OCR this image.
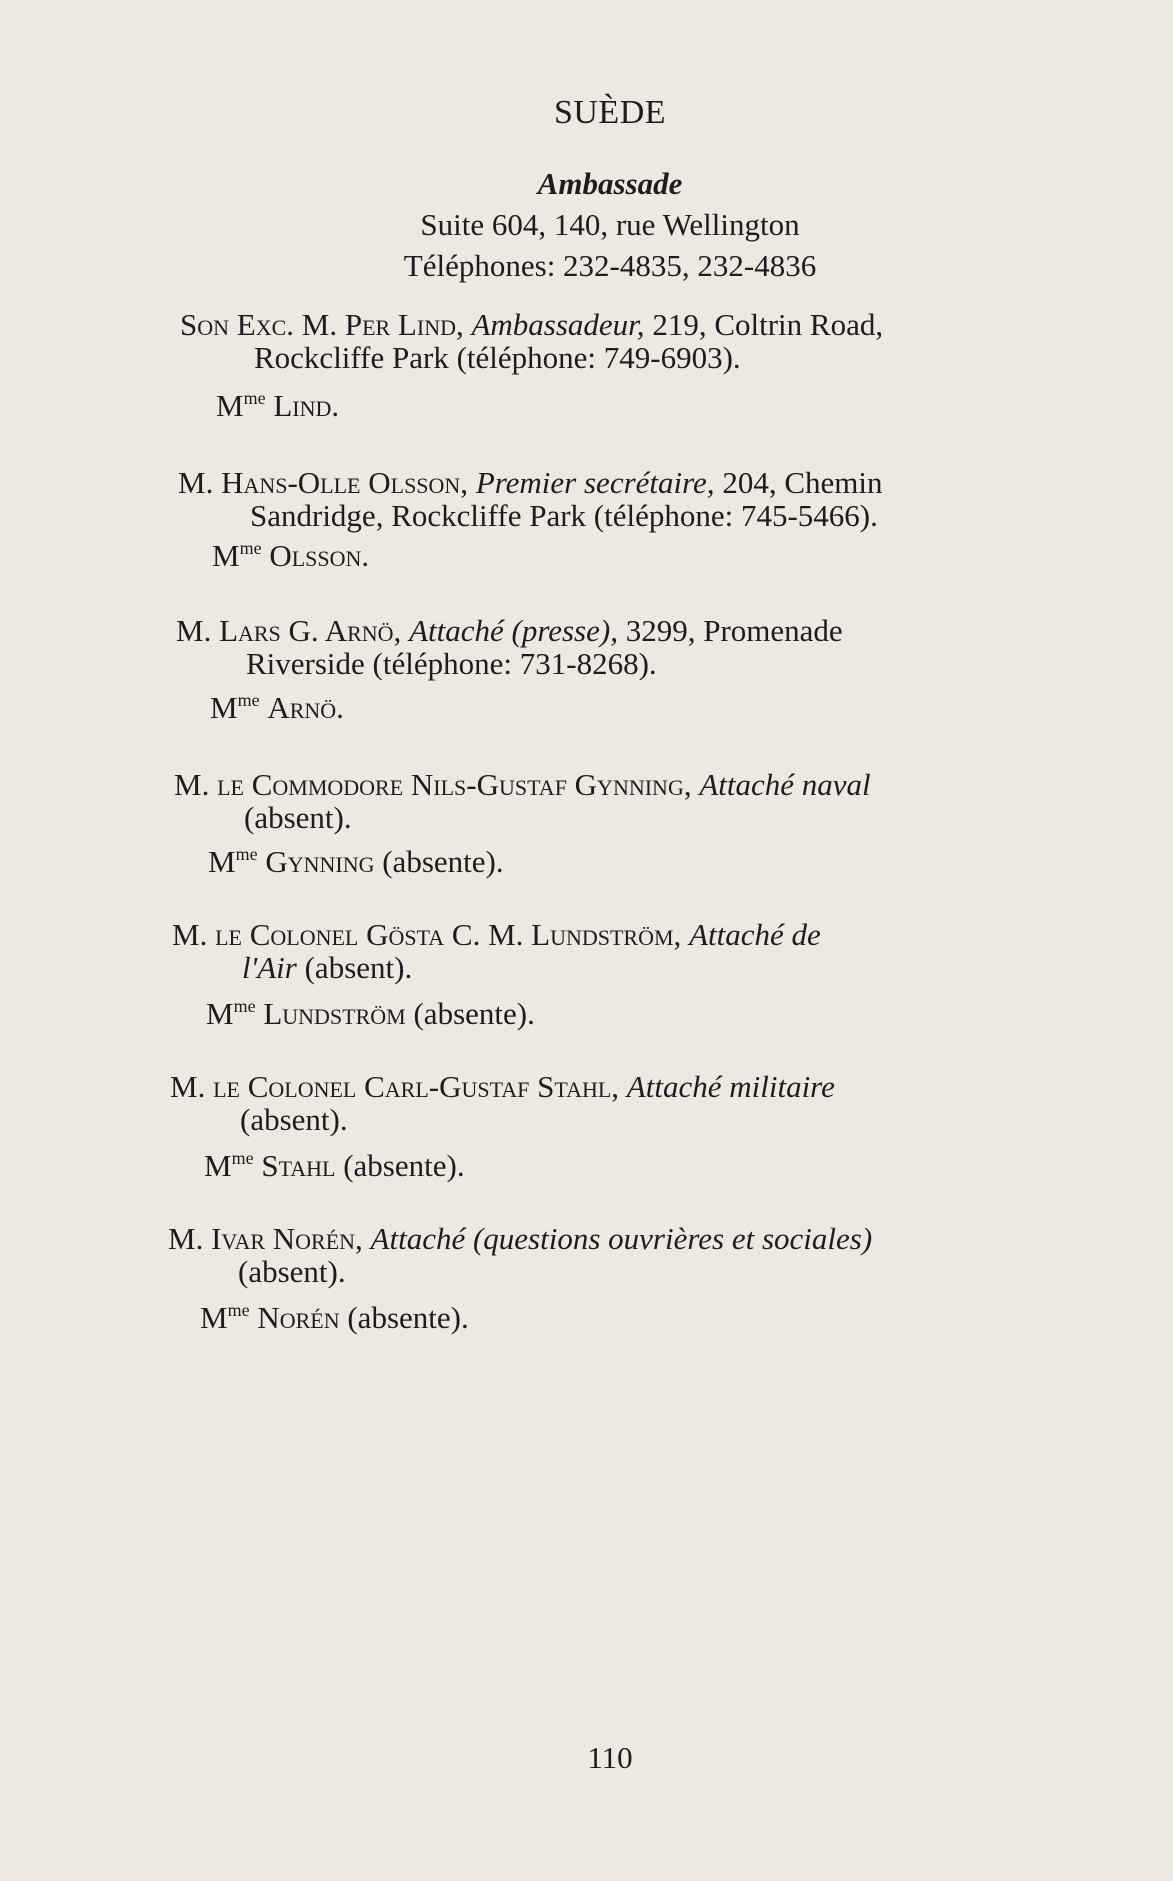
SUÈDE
Ambassade
Suite 604, 140, rue Wellington
Téléphones: 232-4835, 232-4836
Son Exc. M. Per Lind, Ambassadeur, 219, Coltrin Road,
Rockcliffe Park (téléphone: 749-6903).
$M^{me}$ Lind.
M. Hans-Olle Olsson, Premier secrétaire, 204, Chemin
Sandridge, Rockcliffe Park (téléphone: 745-5466).
$M^{me}$ Olsson.
M. Lars G. Arnö, Attaché (presse), 3299, Promenade
Riverside (téléphone: 731-8268).
$M^{me}$ Arnö.
M. le Commodore Nils-Gustaf Gynning, Attaché naval
(absent).
$M^{me}$ Gynning (absente).
M. le Colonel Gösta C. M. Lundström, Attaché de
l'Air (absent).
$M^{me}$ Lundström (absente).
M. le Colonel Carl-Gustaf Stahl, Attaché militaire
(absent).
$M^{me}$ Stahl (absente).
M. Ivar Norén, Attaché (questions ouvrières et sociales)
(absent).
$M^{me}$ Norén (absente).
110
